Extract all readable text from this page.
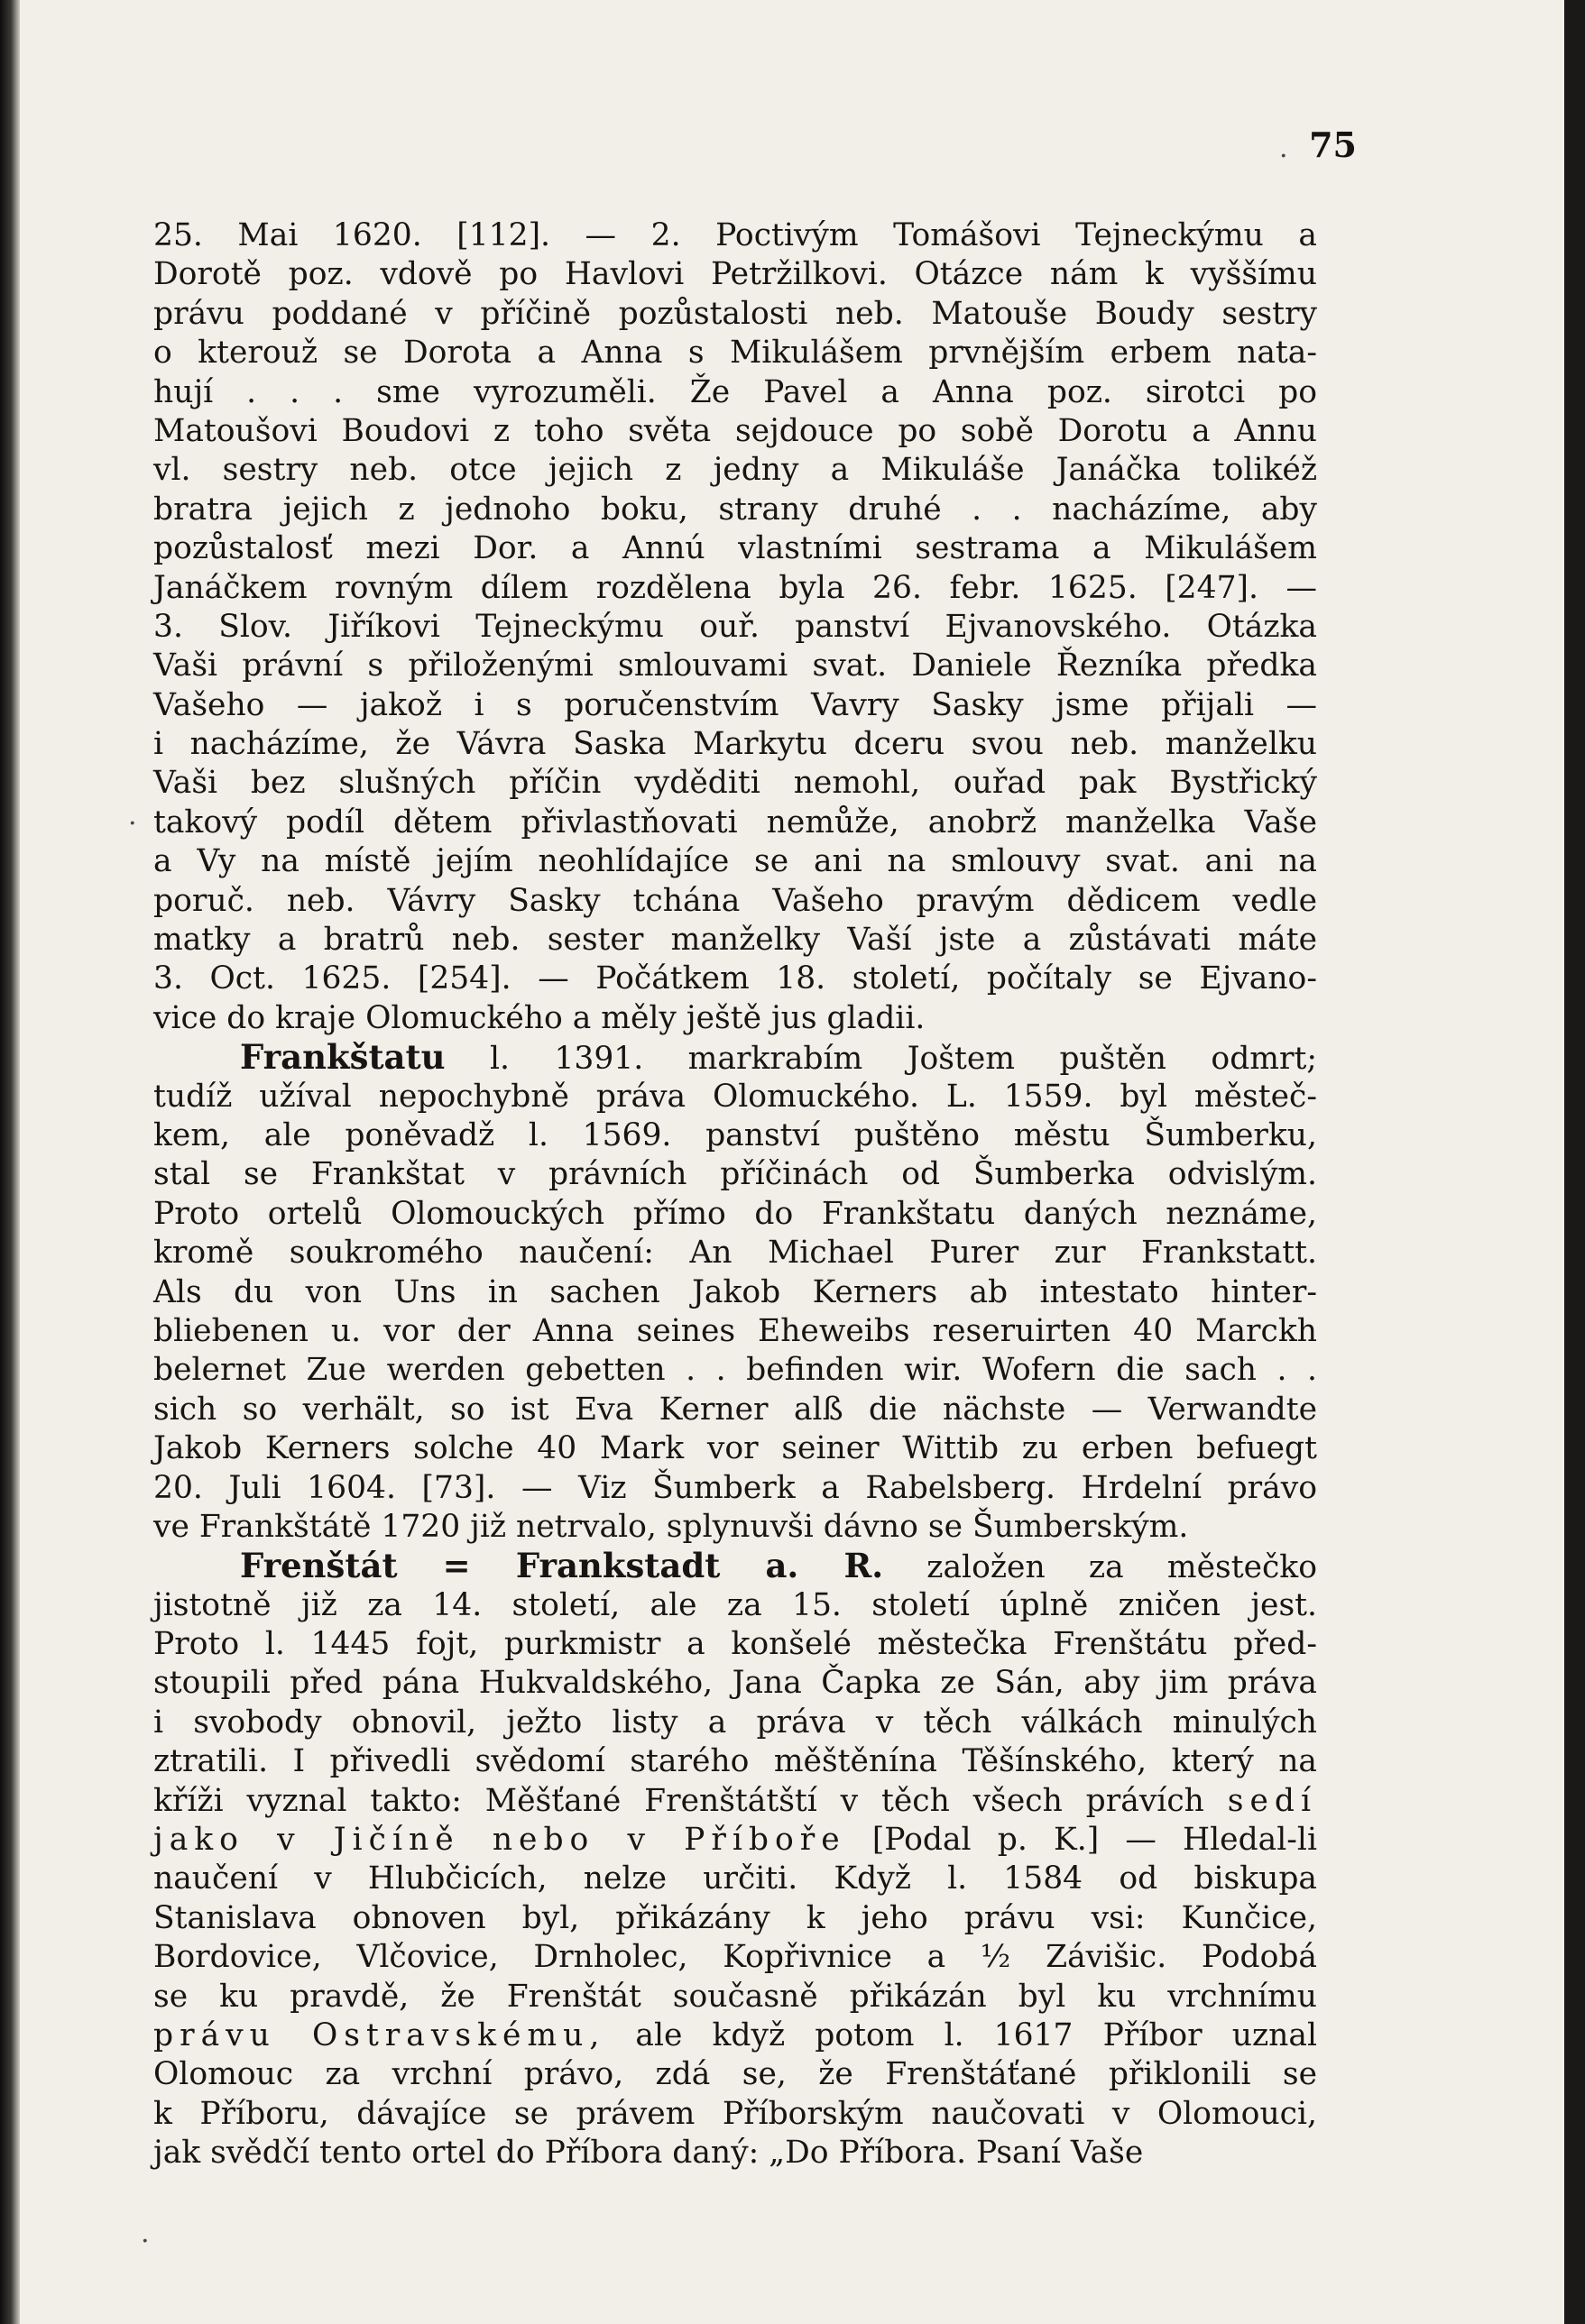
75
.
.
.
25. Mai 1620. [112]. — 2. Poctivým Tomášovi Tejneckýmu a
Dorotě poz. vdově po Havlovi Petržilkovi. Otázce nám k vyššímu
právu poddané v příčině pozůstalosti neb. Matouše Boudy sestry
o kterouž se Dorota a Anna s Mikulášem prvnějším erbem nata-
hují . . . sme vyrozuměli. Že Pavel a Anna poz. sirotci po
Matoušovi Boudovi z toho světa sejdouce po sobě Dorotu a Annu
vl. sestry neb. otce jejich z jedny a Mikuláše Janáčka tolikéž
bratra jejich z jednoho boku, strany druhé . . nacházíme, aby
pozůstalosť mezi Dor. a Annú vlastními sestrama a Mikulášem
Janáčkem rovným dílem rozdělena byla 26. febr. 1625. [247]. —
3. Slov. Jiříkovi Tejneckýmu ouř. panství Ejvanovského. Otázka
Vaši právní s přiloženými smlouvami svat. Daniele Řezníka předka
Vašeho — jakož i s poručenstvím Vavry Sasky jsme přijali —
i nacházíme, že Vávra Saska Markytu dceru svou neb. manželku
Vaši bez slušných příčin vyděditi nemohl, ouřad pak Bystřický
takový podíl dětem přivlastňovati nemůže, anobrž manželka Vaše
a Vy na místě jejím neohlídajíce se ani na smlouvy svat. ani na
poruč. neb. Vávry Sasky tchána Vašeho pravým dědicem vedle
matky a bratrů neb. sester manželky Vaší jste a zůstávati máte
3. Oct. 1625. [254]. — Počátkem 18. století, počítaly se Ejvano-
vice do kraje Olomuckého a měly ještě jus gladii.
Frankštatu l. 1391. markrabím Joštem puštěn odmrt;
tudíž užíval nepochybně práva Olomuckého. L. 1559. byl městeč-
kem, ale poněvadž l. 1569. panství puštěno městu Šumberku,
stal se Frankštat v právních příčinách od Šumberka odvislým.
Proto ortelů Olomouckých přímo do Frankštatu daných neznáme,
kromě soukromého naučení: An Michael Purer zur Frankstatt.
Als du von Uns in sachen Jakob Kerners ab intestato hinter-
bliebenen u. vor der Anna seines Eheweibs reseruirten 40 Marckh
belernet Zue werden gebetten . . befinden wir. Wofern die sach . .
sich so verhält, so ist Eva Kerner alß die nächste — Verwandte
Jakob Kerners solche 40 Mark vor seiner Wittib zu erben befuegt
20. Juli 1604. [73]. — Viz Šumberk a Rabelsberg. Hrdelní právo
ve Frankštátě 1720 již netrvalo, splynuvši dávno se Šumberským.
Frenštát = Frankstadt a. R. založen za městečko
jistotně již za 14. století, ale za 15. století úplně zničen jest.
Proto l. 1445 fojt, purkmistr a konšelé městečka Frenštátu před-
stoupili před pána Hukvaldského, Jana Čapka ze Sán, aby jim práva
i svobody obnovil, ježto listy a práva v těch válkách minulých
ztratili. I přivedli svědomí starého měštěnína Těšínského, který na
kříži vyznal takto: Měšťané Frenštátští v těch všech právích sedí
jako v Jičíně nebo v Příboře [Podal p. K.] — Hledal-li
naučení v Hlubčicích, nelze určiti. Když l. 1584 od biskupa
Stanislava obnoven byl, přikázány k jeho právu vsi: Kunčice,
Bordovice, Vlčovice, Drnholec, Kopřivnice a ½ Závišic. Podobá
se ku pravdě, že Frenštát současně přikázán byl ku vrchnímu
právu Ostravskému, ale když potom l. 1617 Příbor uznal
Olomouc za vrchní právo, zdá se, že Frenštáťané přiklonili se
k Příboru, dávajíce se právem Příborským naučovati v Olomouci,
jak svědčí tento ortel do Příbora daný: „Do Příbora. Psaní Vaše
